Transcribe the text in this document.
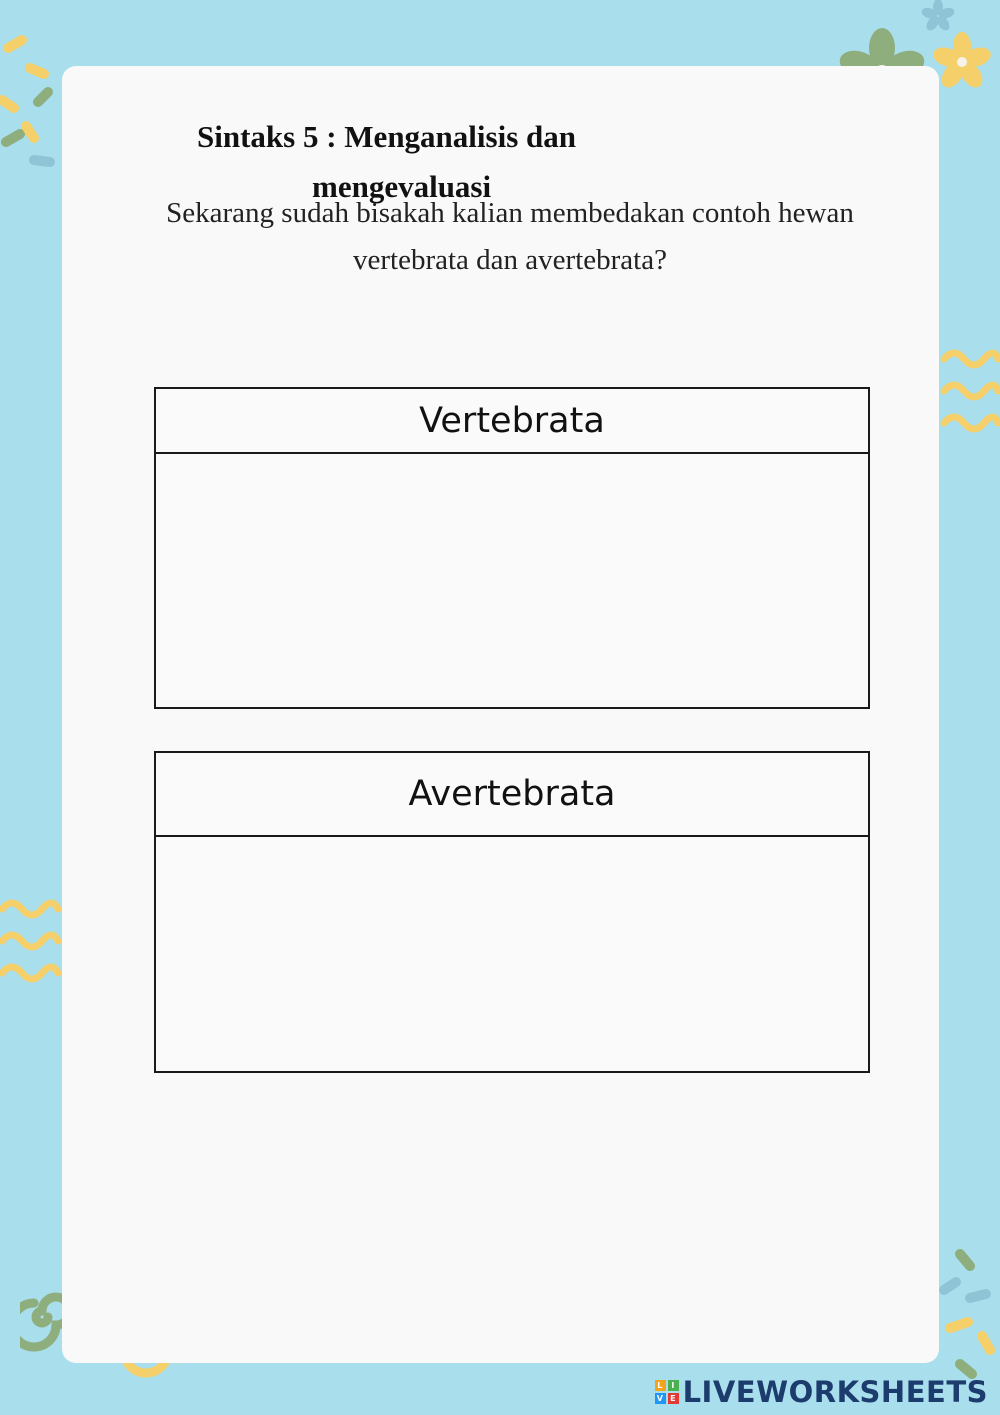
Sintaks 5 : Menganalisis dan
mengevaluasi
Sekarang sudah bisakah kalian membedakan contoh hewan
vertebrata dan avertebrata?
Vertebrata
Avertebrata
L	I
V E LIVEWORKSHEETS
